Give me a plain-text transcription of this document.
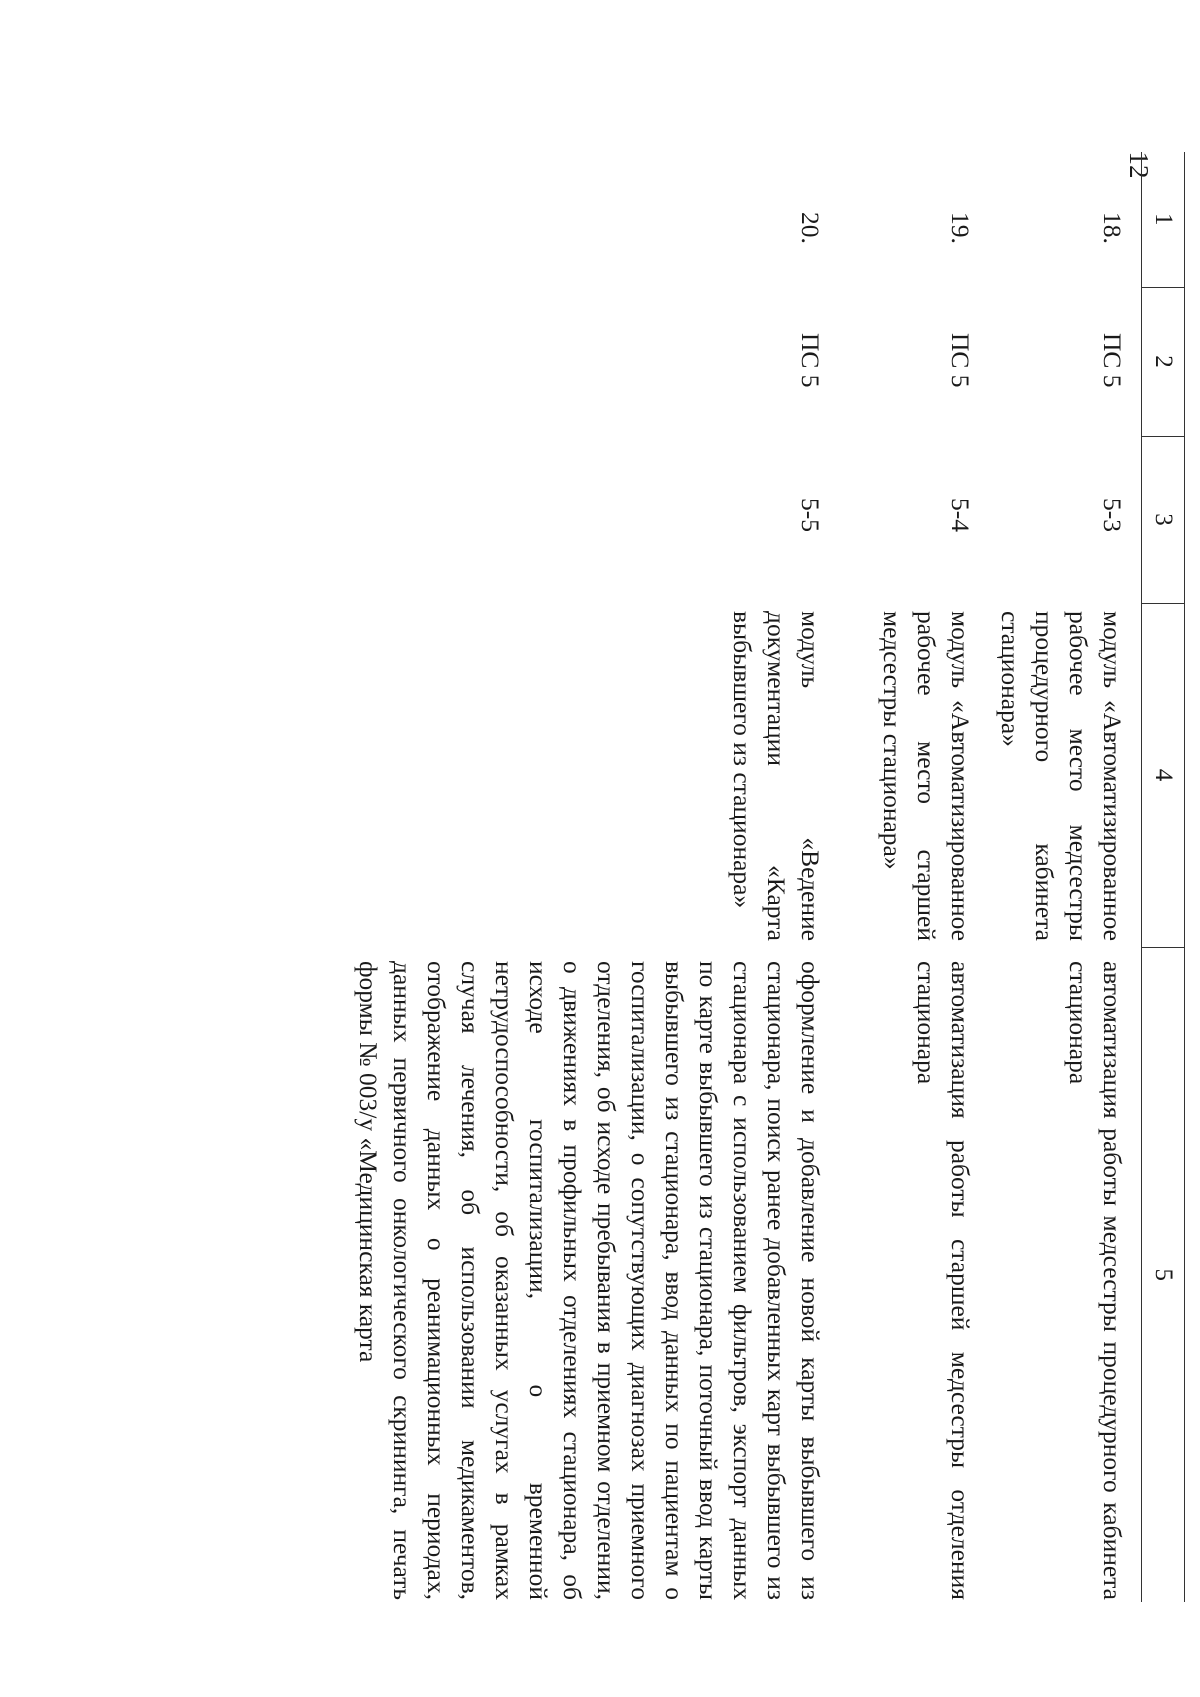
12
1	2	3	4	5
18.	ПС 5	5-3	модуль «Автоматизированное рабочее место медсестры процедурного кабинета стационара»	автоматизация работы медсестры процедурного кабинета стационара
19.	ПС 5	5-4	модуль «Автоматизированное рабочее место старшей медсестры стационара»	автоматизация работы старшей медсестры отделения стационара
20.	ПС 5	5-5	модуль «Ведение документации «Карта выбывшего из стационара»	оформление и добавление новой карты выбывшего из стационара, поиск ранее добавленных карт выбывшего из стационара с использованием фильтров, экспорт данных по карте выбывшего из стационара, поточный ввод карты выбывшего из стационара, ввод данных по пациентам о госпитализации, о сопутствующих диагнозах приемного отделения, об исходе пребывания в приемном отделении, о движениях в профильных отделениях стационара, об исходе госпитализации, о временной нетрудоспособности, об оказанных услугах в рамках случая лечения, об использовании медикаментов, отображение данных о реанимационных периодах, данных первичного онкологического скрининга, печать формы № 003/у «Медицинская карта
